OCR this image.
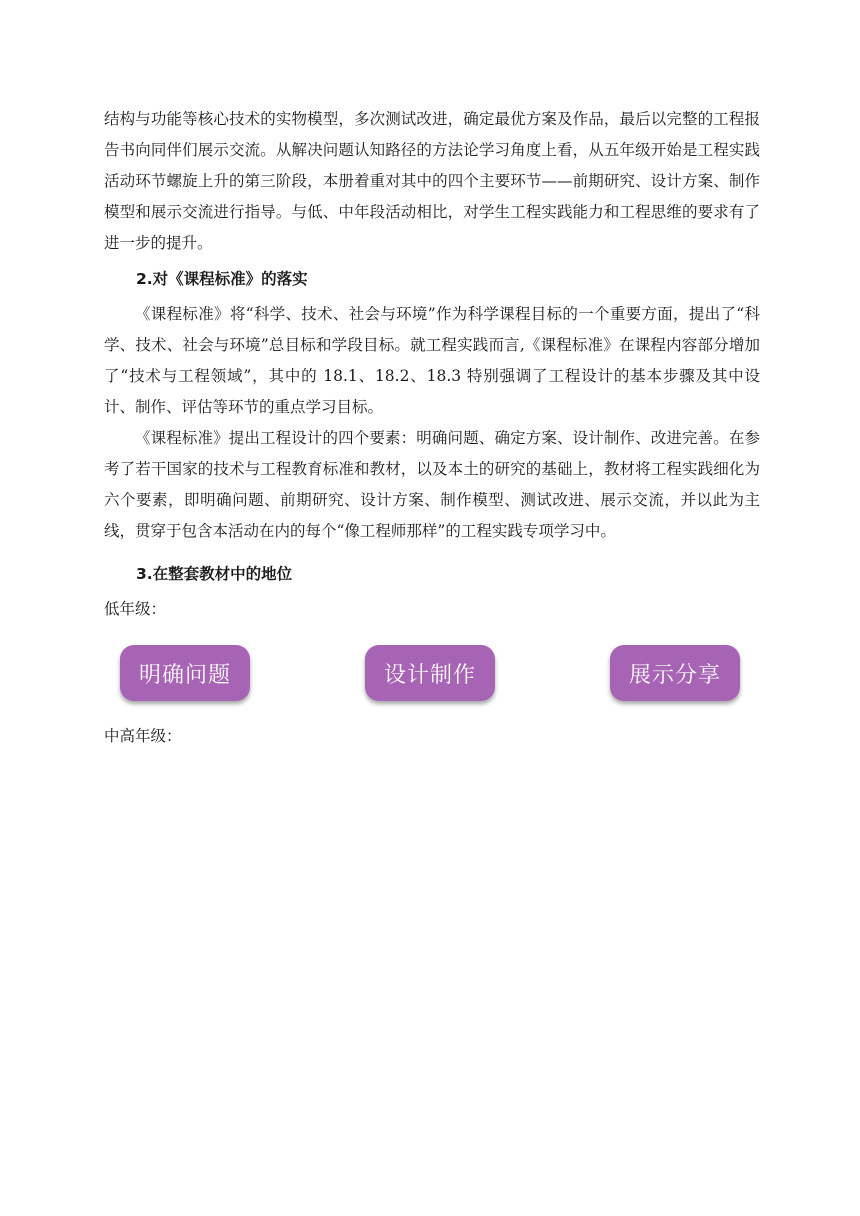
结构与功能等核心技术的实物模型，多次测试改进，确定最优方案及作品，最后以完整的工程报告书向同伴们展示交流。从解决问题认知路径的方法论学习角度上看，从五年级开始是工程实践活动环节螺旋上升的第三阶段，本册着重对其中的四个主要环节——前期研究、设计方案、制作模型和展示交流进行指导。与低、中年段活动相比，对学生工程实践能力和工程思维的要求有了进一步的提升。

2.对《课程标准》的落实

《课程标准》将“科学、技术、社会与环境”作为科学课程目标的一个重要方面，提出了“科学、技术、社会与环境”总目标和学段目标。就工程实践而言,《课程标准》在课程内容部分增加了“技术与工程领域”，其中的 18.1、18.2、18.3 特别强调了工程设计的基本步骤及其中设计、制作、评估等环节的重点学习目标。

《课程标准》提出工程设计的四个要素：明确问题、确定方案、设计制作、改进完善。在参考了若干国家的技术与工程教育标准和教材，以及本土的研究的基础上，教材将工程实践细化为六个要素，即明确问题、前期研究、设计方案、制作模型、测试改进、展示交流，并以此为主线，贯穿于包含本活动在内的每个“像工程师那样”的工程实践专项学习中。

3.在整套教材中的地位

低年级：

明确问题	设计制作	展示分享

中高年级：
